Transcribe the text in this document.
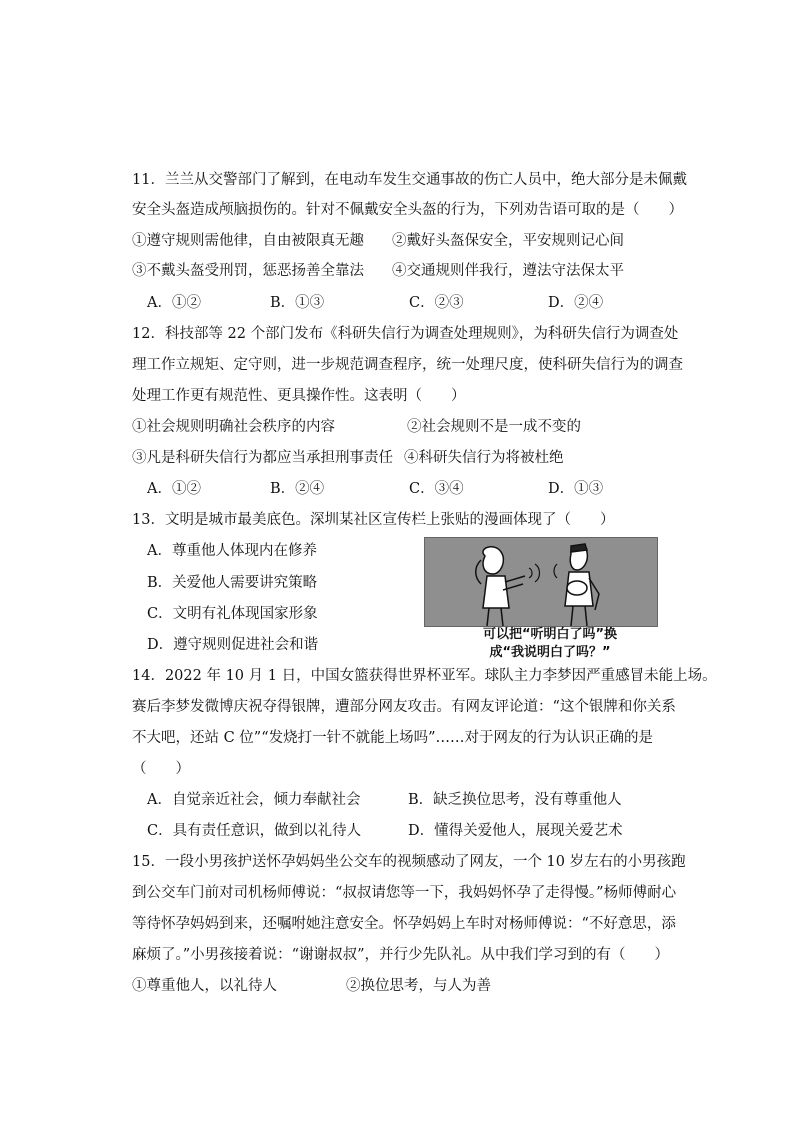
11．兰兰从交警部门了解到，在电动车发生交通事故的伤亡人员中，绝大部分是未佩戴
安全头盔造成颅脑损伤的。针对不佩戴安全头盔的行为，下列劝告语可取的是（　　）
①遵守规则需他律，自由被限真无趣 ②戴好头盔保安全，平安规则记心间
③不戴头盔受刑罚，惩恶扬善全靠法 ④交通规则伴我行，遵法守法保太平
A．①②	B．①③	C．②③	D．②④
12．科技部等 22 个部门发布《科研失信行为调查处理规则》，为科研失信行为调查处
理工作立规矩、定守则，进一步规范调查程序，统一处理尺度，使科研失信行为的调查
处理工作更有规范性、更具操作性。这表明（　　）
①社会规则明确社会秩序的内容	②社会规则不是一成不变的
③凡是科研失信行为都应当承担刑事责任 ④科研失信行为将被杜绝
A．①②	B．②④	C．③④	D．①③
13．文明是城市最美底色。深圳某社区宣传栏上张贴的漫画体现了（　　）
A．尊重他人体现内在修养
B．关爱他人需要讲究策略
C．文明有礼体现国家形象
D．遵守规则促进社会和谐
可以把“听明白了吗”换
成“我说明白了吗？”
14．2022 年 10 月 1 日，中国女篮获得世界杯亚军。球队主力李梦因严重感冒未能上场。
赛后李梦发微博庆祝夺得银牌，遭部分网友攻击。有网友评论道：“这个银牌和你关系
不大吧，还站 C 位”“发烧打一针不就能上场吗”……对于网友的行为认识正确的是
（　　）
A．自觉亲近社会，倾力奉献社会	B．缺乏换位思考，没有尊重他人
C．具有责任意识，做到以礼待人	D．懂得关爱他人，展现关爱艺术
15．一段小男孩护送怀孕妈妈坐公交车的视频感动了网友，一个 10 岁左右的小男孩跑
到公交车门前对司机杨师傅说：“叔叔请您等一下，我妈妈怀孕了走得慢。”杨师傅耐心
等待怀孕妈妈到来，还嘱咐她注意安全。怀孕妈妈上车时对杨师傅说：“不好意思，添
麻烦了。”小男孩接着说：“谢谢叔叔”，并行少先队礼。从中我们学习到的有（　　）
①尊重他人，以礼待人	②换位思考，与人为善
